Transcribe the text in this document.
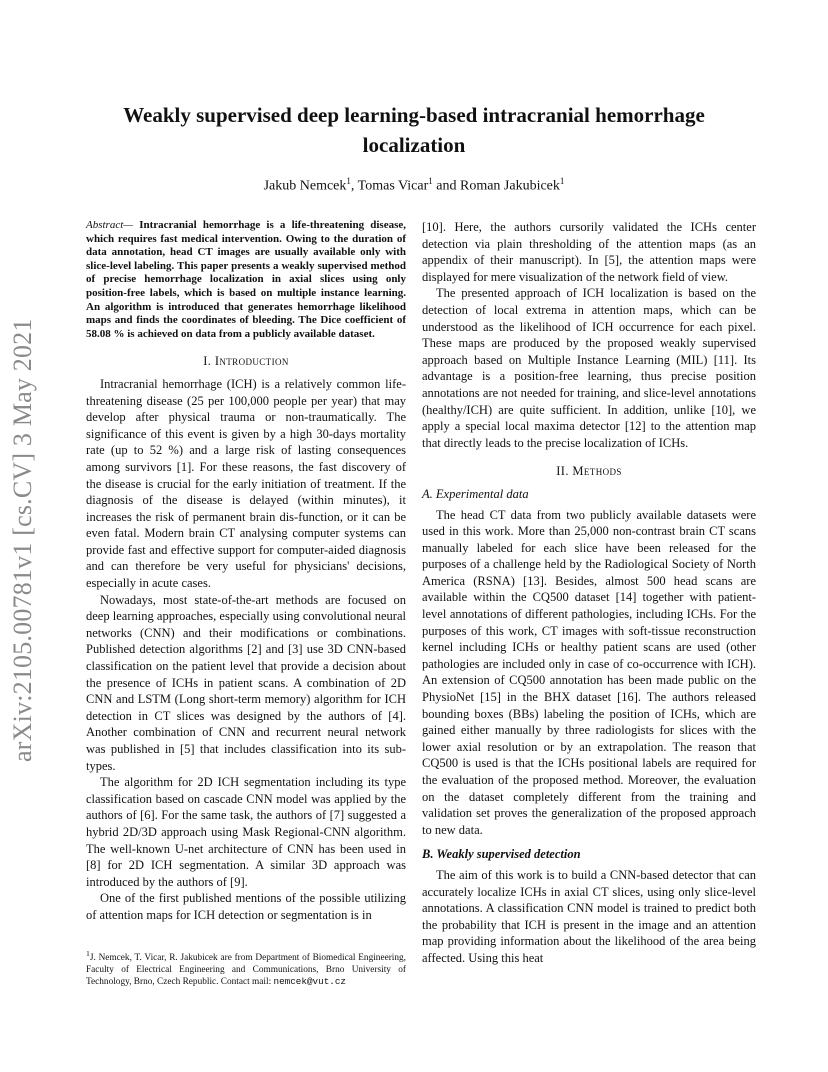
arXiv:2105.00781v1 [cs.CV] 3 May 2021
Weakly supervised deep learning-based intracranial hemorrhage localization
Jakub Nemcek$^1$, Tomas Vicar$^1$ and Roman Jakubicek$^1$
Abstract— Intracranial hemorrhage is a life-threatening disease, which requires fast medical intervention. Owing to the duration of data annotation, head CT images are usually available only with slice-level labeling. This paper presents a weakly supervised method of precise hemorrhage localization in axial slices using only position-free labels, which is based on multiple instance learning. An algorithm is introduced that generates hemorrhage likelihood maps and finds the coordinates of bleeding. The Dice coefficient of 58.08 % is achieved on data from a publicly available dataset.
I. Introduction

Intracranial hemorrhage (ICH) is a relatively common life-threatening disease (25 per 100,000 people per year) that may develop after physical trauma or non-traumatically. The significance of this event is given by a high 30-days mortality rate (up to 52 %) and a large risk of lasting consequences among survivors [1]. For these reasons, the fast discovery of the disease is crucial for the early initiation of treatment. If the diagnosis of the disease is delayed (within minutes), it increases the risk of permanent brain dis-function, or it can be even fatal. Modern brain CT analysing computer systems can provide fast and effective support for computer-aided diagnosis and can therefore be very useful for physicians' decisions, especially in acute cases.

Nowadays, most state-of-the-art methods are focused on deep learning approaches, especially using convolutional neural networks (CNN) and their modifications or combinations. Published detection algorithms [2] and [3] use 3D CNN-based classification on the patient level that provide a decision about the presence of ICHs in patient scans. A combination of 2D CNN and LSTM (Long short-term memory) algorithm for ICH detection in CT slices was designed by the authors of [4]. Another combination of CNN and recurrent neural network was published in [5] that includes classification into its sub-types.

The algorithm for 2D ICH segmentation including its type classification based on cascade CNN model was applied by the authors of [6]. For the same task, the authors of [7] suggested a hybrid 2D/3D approach using Mask Regional-CNN algorithm. The well-known U-net architecture of CNN has been used in [8] for 2D ICH segmentation. A similar 3D approach was introduced by the authors of [9].

One of the first published mentions of the possible utilizing of attention maps for ICH detection or segmentation is in

[10]. Here, the authors cursorily validated the ICHs center detection via plain thresholding of the attention maps (as an appendix of their manuscript). In [5], the attention maps were displayed for mere visualization of the network field of view.

The presented approach of ICH localization is based on the detection of local extrema in attention maps, which can be understood as the likelihood of ICH occurrence for each pixel. These maps are produced by the proposed weakly supervised approach based on Multiple Instance Learning (MIL) [11]. Its advantage is a position-free learning, thus precise position annotations are not needed for training, and slice-level annotations (healthy/ICH) are quite sufficient. In addition, unlike [10], we apply a special local maxima detector [12] to the attention map that directly leads to the precise localization of ICHs.

II. Methods
A. Experimental data

The head CT data from two publicly available datasets were used in this work. More than 25,000 non-contrast brain CT scans manually labeled for each slice have been released for the purposes of a challenge held by the Radiological Society of North America (RSNA) [13]. Besides, almost 500 head scans are available within the CQ500 dataset [14] together with patient-level annotations of different pathologies, including ICHs. For the purposes of this work, CT images with soft-tissue reconstruction kernel including ICHs or healthy patient scans are used (other pathologies are included only in case of co-occurrence with ICH). An extension of CQ500 annotation has been made public on the PhysioNet [15] in the BHX dataset [16]. The authors released bounding boxes (BBs) labeling the position of ICHs, which are gained either manually by three radiologists for slices with the lower axial resolution or by an extrapolation. The reason that CQ500 is used is that the ICHs positional labels are required for the evaluation of the proposed method. Moreover, the evaluation on the dataset completely different from the training and validation set proves the generalization of the proposed approach to new data.

B. Weakly supervised detection

The aim of this work is to build a CNN-based detector that can accurately localize ICHs in axial CT slices, using only slice-level annotations. A classification CNN model is trained to predict both the probability that ICH is present in the image and an attention map providing information about the likelihood of the area being affected. Using this heat

$^1$J. Nemcek, T. Vicar, R. Jakubicek are from Department of Biomedical Engineering, Faculty of Electrical Engineering and Communications, Brno University of Technology, Brno, Czech Republic. Contact mail: nemcek@vut.cz
